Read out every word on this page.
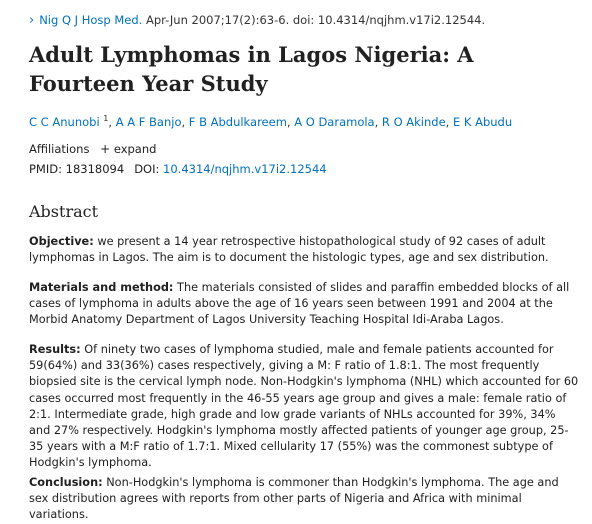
› Nig Q J Hosp Med. Apr-Jun 2007;17(2):63-6. doi: 10.4314/nqjhm.v17i2.12544.
Adult Lymphomas in Lagos Nigeria: A Fourteen Year Study
C C Anunobi $^1$, A A F Banjo, F B Abdulkareem, A O Daramola, R O Akinde, E K Abudu
Affiliations + expand
PMID: 18318094 DOI: 10.4314/nqjhm.v17i2.12544
Abstract

Objective: we present a 14 year retrospective histopathological study of 92 cases of adult lymphomas in Lagos. The aim is to document the histologic types, age and sex distribution.

Materials and method: The materials consisted of slides and paraffin embedded blocks of all cases of lymphoma in adults above the age of 16 years seen between 1991 and 2004 at the Morbid Anatomy Department of Lagos University Teaching Hospital Idi-Araba Lagos.

Results: Of ninety two cases of lymphoma studied, male and female patients accounted for 59(64%) and 33(36%) cases respectively, giving a M: F ratio of 1.8:1. The most frequently biopsied site is the cervical lymph node. Non-Hodgkin's lymphoma (NHL) which accounted for 60 cases occurred most frequently in the 46-55 years age group and gives a male: female ratio of 2:1. Intermediate grade, high grade and low grade variants of NHLs accounted for 39%, 34% and 27% respectively. Hodgkin's lymphoma mostly affected patients of younger age group, 25-35 years with a M:F ratio of 1.7:1. Mixed cellularity 17 (55%) was the commonest subtype of Hodgkin's lymphoma.

Conclusion: Non-Hodgkin's lymphoma is commoner than Hodgkin's lymphoma. The age and sex distribution agrees with reports from other parts of Nigeria and Africa with minimal variations.
